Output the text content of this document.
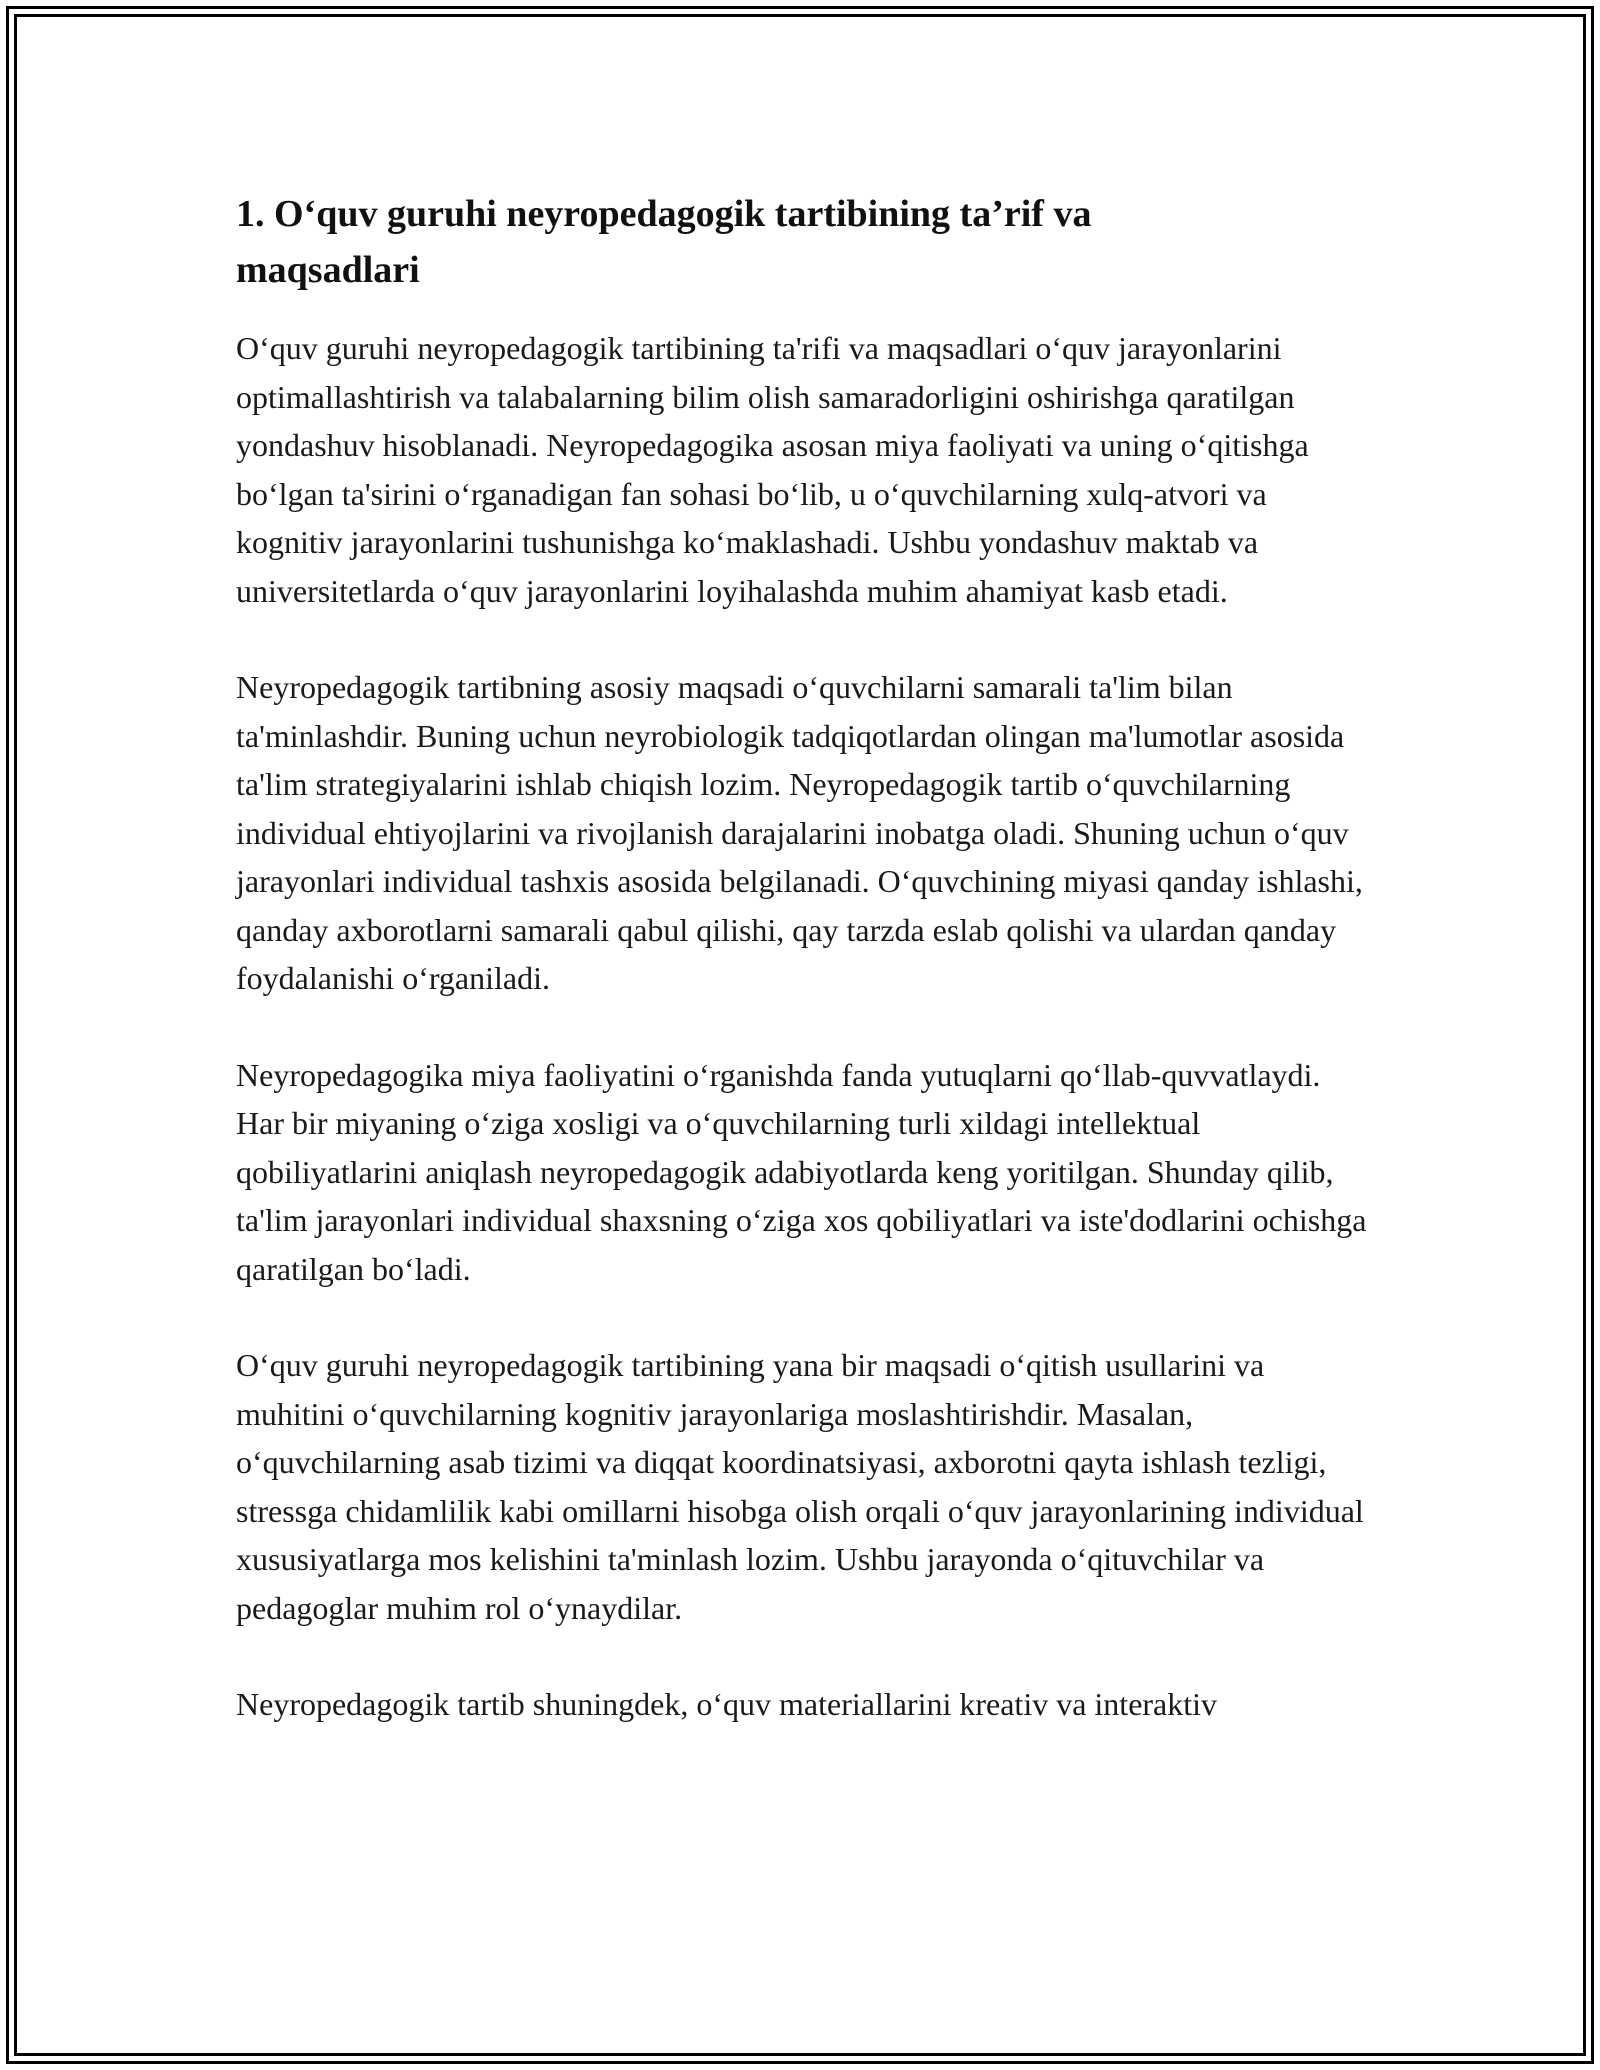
1. O‘quv guruhi neyropedagogik tartibining ta’rif va
maqsadlari

O‘quv guruhi neyropedagogik tartibining ta'rifi va maqsadlari o‘quv jarayonlarini optimallashtirish va talabalarning bilim olish samaradorligini oshirishga qaratilgan yondashuv hisoblanadi. Neyropedagogika asosan miya faoliyati va uning o‘qitishga bo‘lgan ta'sirini o‘rganadigan fan sohasi bo‘lib, u o‘quvchilarning xulq-atvori va kognitiv jarayonlarini tushunishga ko‘maklashadi. Ushbu yondashuv maktab va universitetlarda o‘quv jarayonlarini loyihalashda muhim ahamiyat kasb etadi.

Neyropedagogik tartibning asosiy maqsadi o‘quvchilarni samarali ta'lim bilan ta'minlashdir. Buning uchun neyrobiologik tadqiqotlardan olingan ma'lumotlar asosida ta'lim strategiyalarini ishlab chiqish lozim. Neyropedagogik tartib o‘quvchilarning individual ehtiyojlarini va rivojlanish darajalarini inobatga oladi. Shuning uchun o‘quv jarayonlari individual tashxis asosida belgilanadi. O‘quvchining miyasi qanday ishlashi, qanday axborotlarni samarali qabul qilishi, qay tarzda eslab qolishi va ulardan qanday foydalanishi o‘rganiladi.

Neyropedagogika miya faoliyatini o‘rganishda fanda yutuqlarni qo‘llab-quvvatlaydi. Har bir miyaning o‘ziga xosligi va o‘quvchilarning turli xildagi intellektual qobiliyatlarini aniqlash neyropedagogik adabiyotlarda keng yoritilgan. Shunday qilib, ta'lim jarayonlari individual shaxsning o‘ziga xos qobiliyatlari va iste'dodlarini ochishga qaratilgan bo‘ladi.

O‘quv guruhi neyropedagogik tartibining yana bir maqsadi o‘qitish usullarini va muhitini o‘quvchilarning kognitiv jarayonlariga moslashtirishdir. Masalan, o‘quvchilarning asab tizimi va diqqat koordinatsiyasi, axborotni qayta ishlash tezligi, stressga chidamlilik kabi omillarni hisobga olish orqali o‘quv jarayonlarining individual xususiyatlarga mos kelishini ta'minlash lozim. Ushbu jarayonda o‘qituvchilar va pedagoglar muhim rol o‘ynaydilar.

Neyropedagogik tartib shuningdek, o‘quv materiallarini kreativ va interaktiv
